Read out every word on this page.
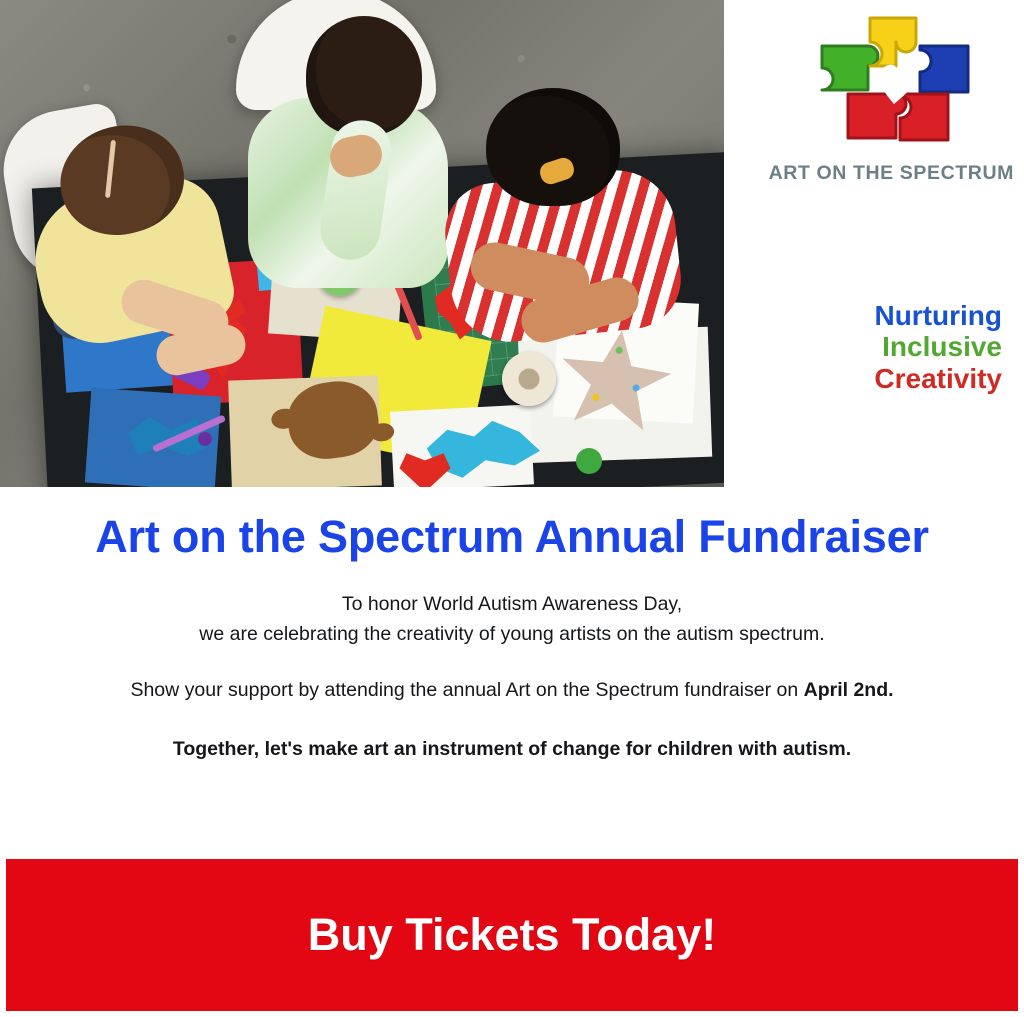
ART ON THE SPECTRUM
Nurturing
Inclusive
Creativity
Art on the Spectrum Annual Fundraiser

To honor World Autism Awareness Day,

we are celebrating the creativity of young artists on the autism spectrum.

Show your support by attending the annual Art on the Spectrum fundraiser on April 2nd.

Together, let's make art an instrument of change for children with autism.

Buy Tickets Today!
